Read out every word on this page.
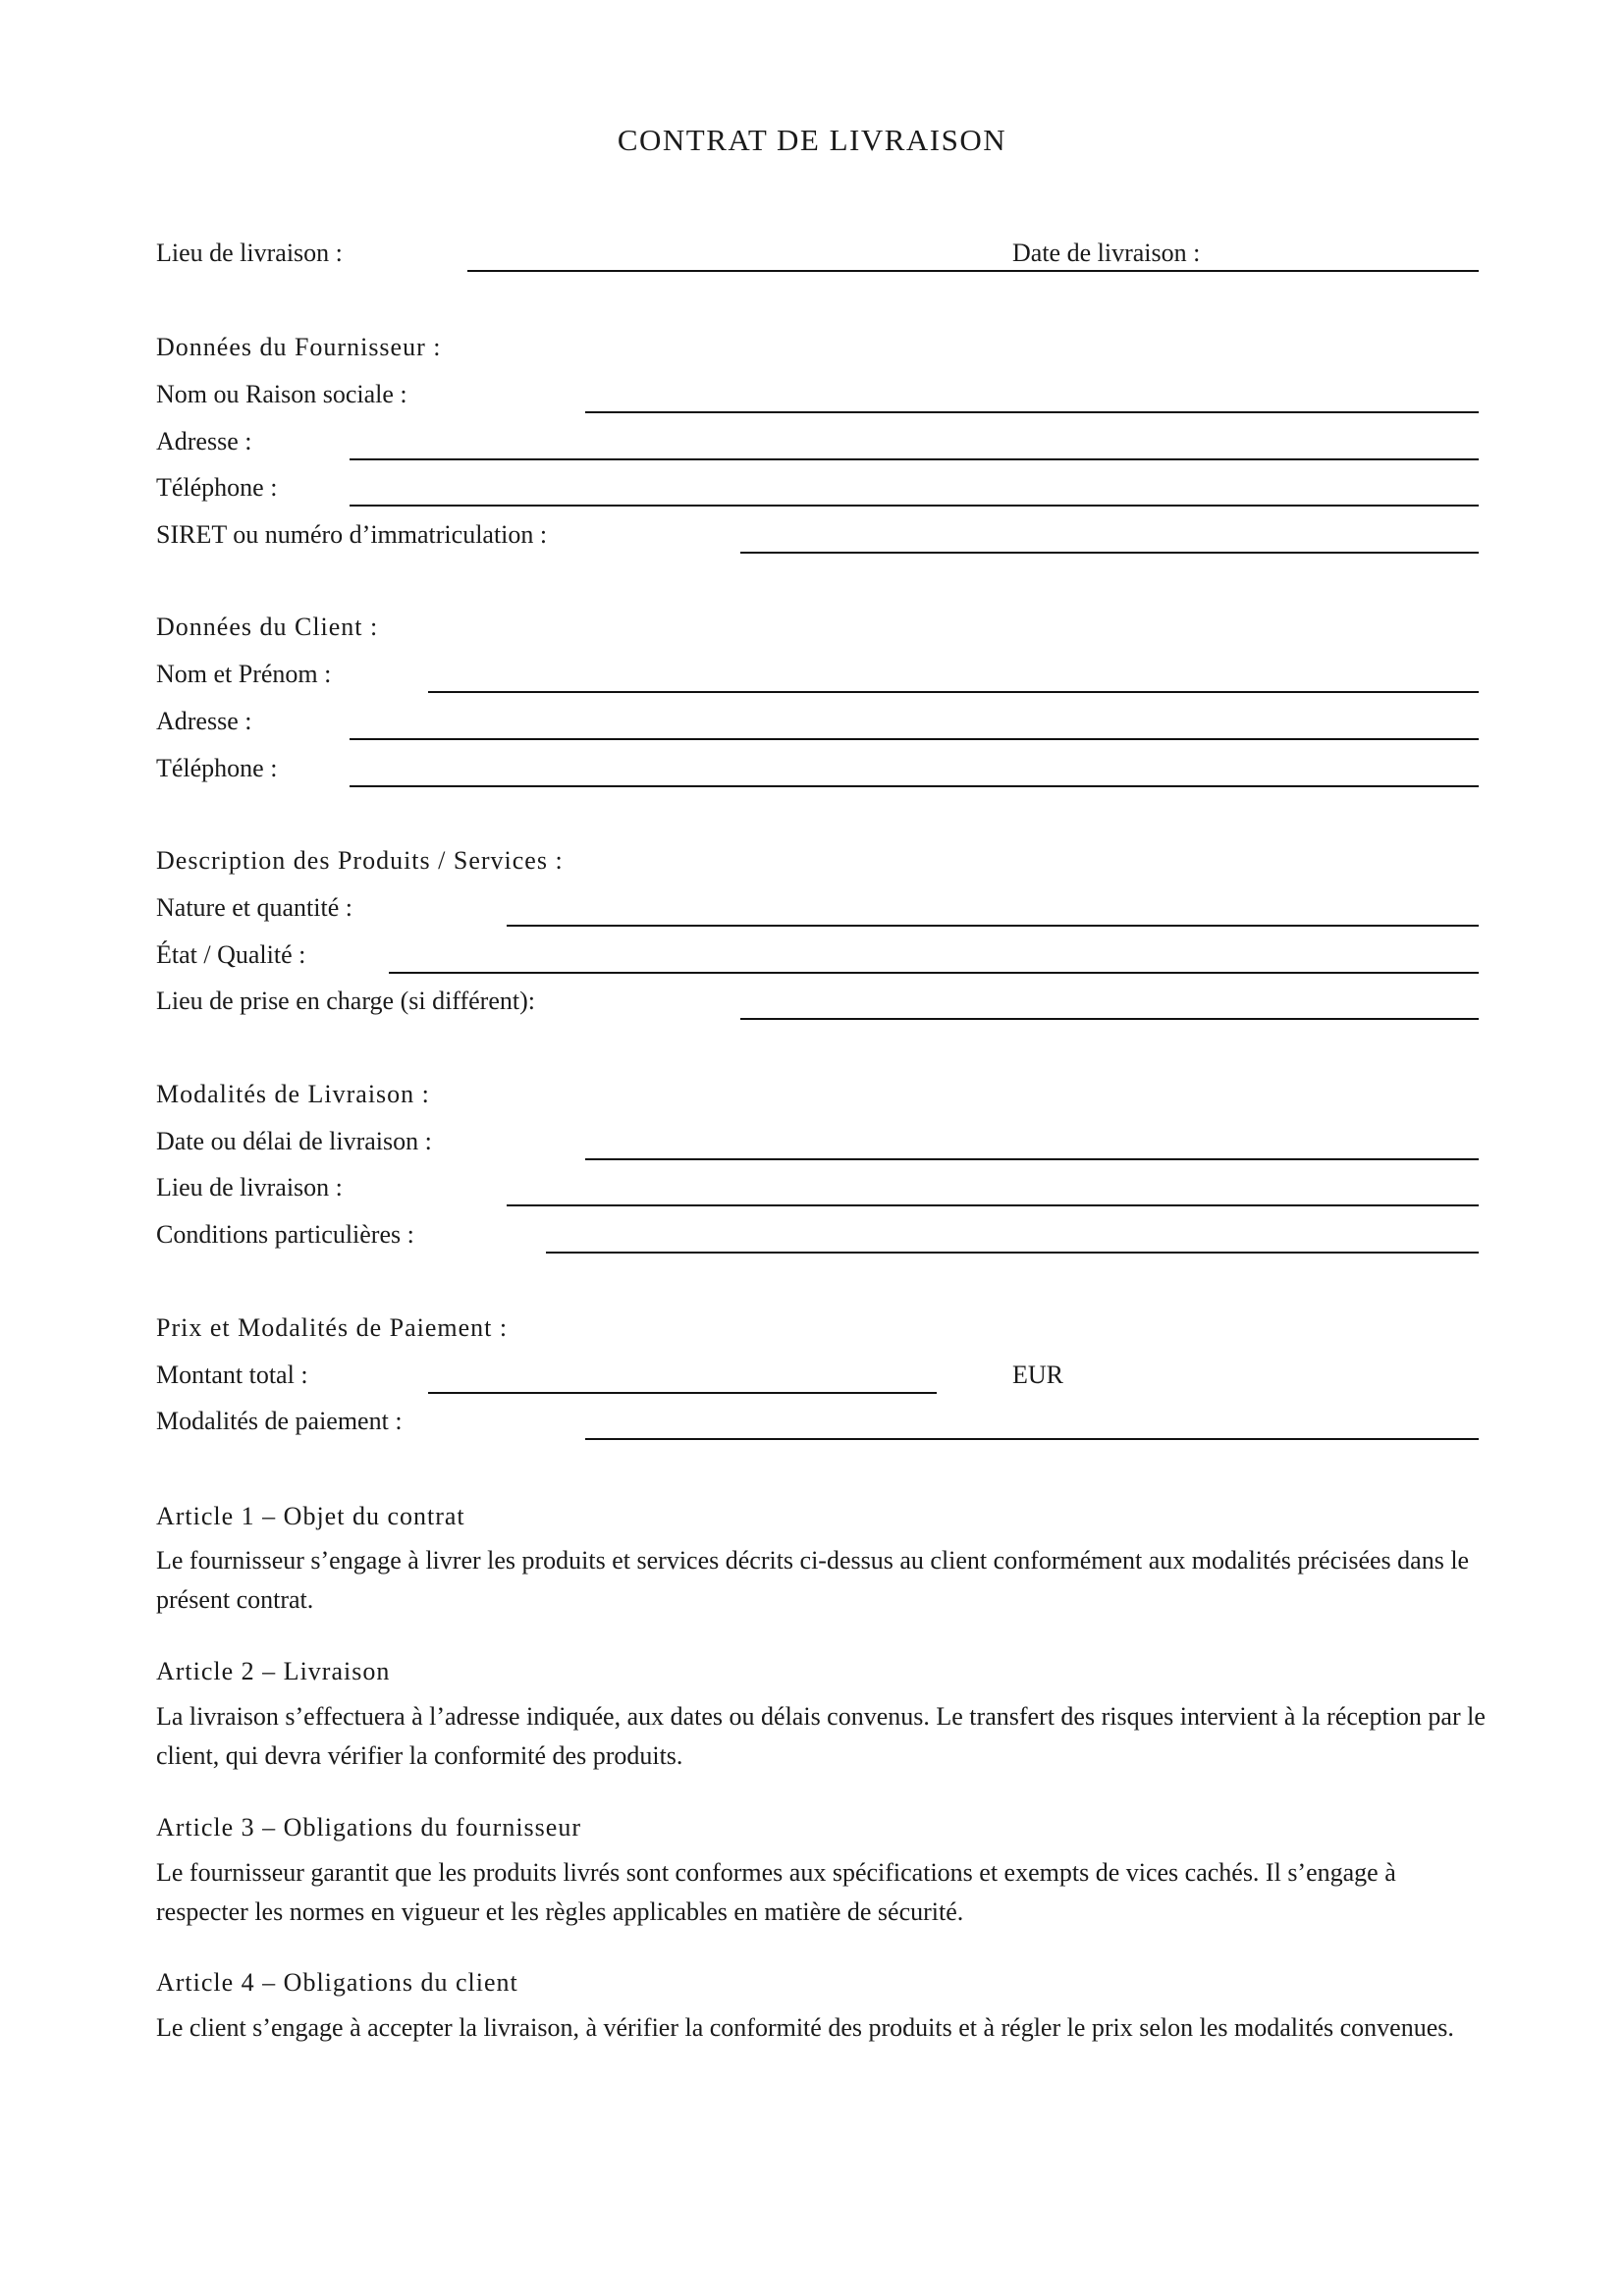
CONTRAT DE LIVRAISON
Lieu de livraison :	Date de livraison :
Données du Fournisseur :
Nom ou Raison sociale :
Adresse :
Téléphone :
SIRET ou numéro d’immatriculation :
Données du Client :
Nom et Prénom :
Adresse :
Téléphone :
Description des Produits / Services :
Nature et quantité :
État / Qualité :
Lieu de prise en charge (si différent):
Modalités de Livraison :
Date ou délai de livraison :
Lieu de livraison :
Conditions particulières :
Prix et Modalités de Paiement :
Montant total :	EUR
Modalités de paiement :
Article 1 – Objet du contrat
Le fournisseur s’engage à livrer les produits et services décrits ci-dessus au client conformément aux modalités précisées dans le présent contrat.
Article 2 – Livraison
La livraison s’effectuera à l’adresse indiquée, aux dates ou délais convenus. Le transfert des risques intervient à la réception par le client, qui devra vérifier la conformité des produits.
Article 3 – Obligations du fournisseur
Le fournisseur garantit que les produits livrés sont conformes aux spécifications et exempts de vices cachés. Il s’engage à respecter les normes en vigueur et les règles applicables en matière de sécurité.
Article 4 – Obligations du client
Le client s’engage à accepter la livraison, à vérifier la conformité des produits et à régler le prix selon les modalités convenues.
